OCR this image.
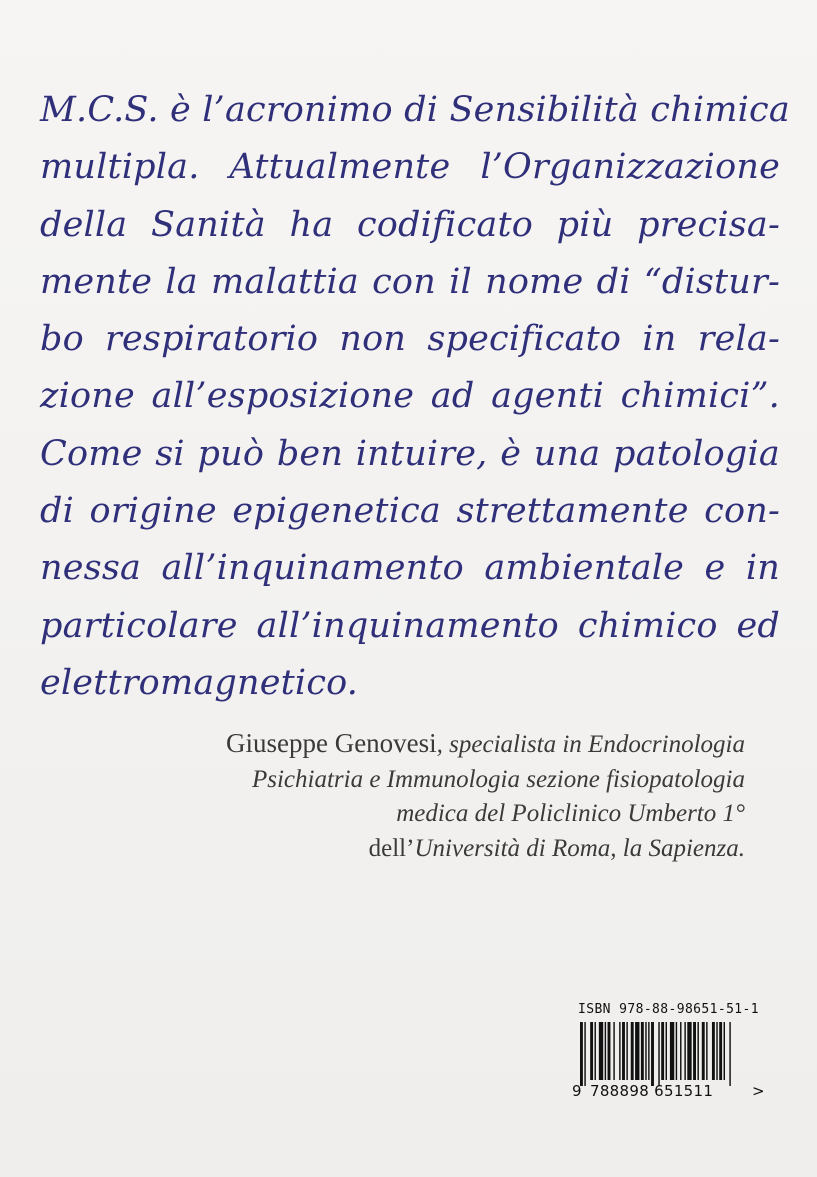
M.C.S. è l’acronimo di Sensibilità chimica
multipla. Attualmente l’Organizzazione
della Sanità ha codificato più precisa-
mente la malattia con il nome di “distur-
bo respiratorio non specificato in rela-
zione all’esposizione ad agenti chimici”.
Come si può ben intuire, è una patologia
di origine epigenetica strettamente con-
nessa all’inquinamento ambientale e in
particolare all’inquinamento chimico ed
elettromagnetico.
Giuseppe Genovesi, specialista in Endocrinologia
Psichiatria e Immunologia sezione fisiopatologia
medica del Policlinico Umberto 1°
dell’Università di Roma, la Sapienza.
ISBN 978-88-98651-51-1
9 788898 651511	>
